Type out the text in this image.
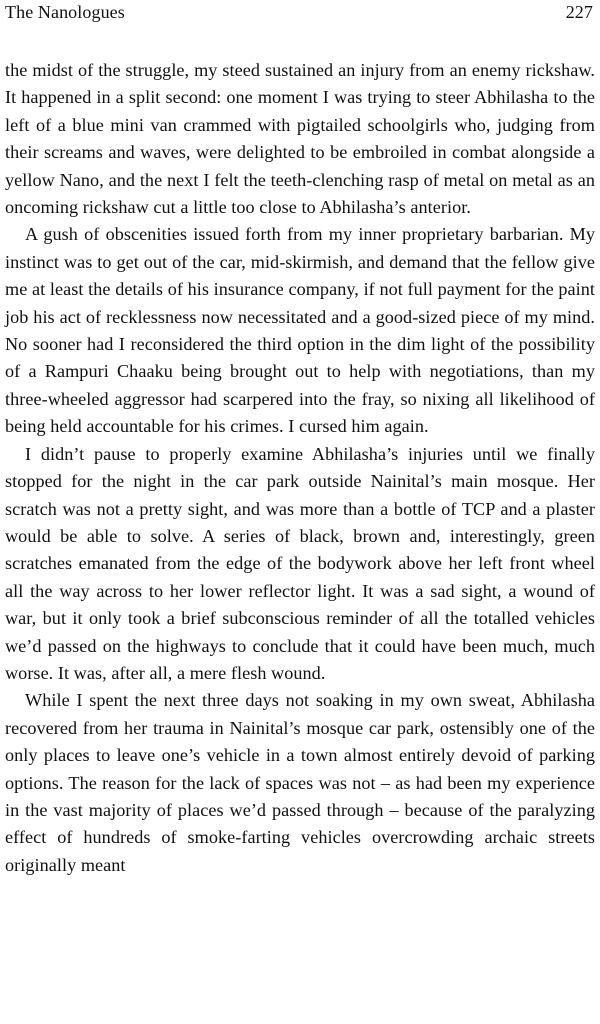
The Nanologues	227

the midst of the struggle, my steed sustained an injury from an enemy rickshaw. It happened in a split second: one moment I was trying to steer Abhilasha to the left of a blue mini van crammed with pigtailed schoolgirls who, judging from their screams and waves, were delighted to be embroiled in combat alongside a yellow Nano, and the next I felt the teeth-clenching rasp of metal on metal as an oncoming rickshaw cut a little too close to Abhilasha’s anterior.

A gush of obscenities issued forth from my inner proprietary barbarian. My instinct was to get out of the car, mid-skirmish, and demand that the fellow give me at least the details of his insurance company, if not full payment for the paint job his act of recklessness now necessitated and a good-sized piece of my mind. No sooner had I reconsidered the third option in the dim light of the possibility of a Rampuri Chaaku being brought out to help with negotiations, than my three-wheeled aggressor had scarpered into the fray, so nixing all likelihood of being held accountable for his crimes. I cursed him again.

I didn’t pause to properly examine Abhilasha’s injuries until we finally stopped for the night in the car park outside Nainital’s main mosque. Her scratch was not a pretty sight, and was more than a bottle of TCP and a plaster would be able to solve. A series of black, brown and, interestingly, green scratches emanated from the edge of the bodywork above her left front wheel all the way across to her lower reflector light. It was a sad sight, a wound of war, but it only took a brief subconscious reminder of all the totalled vehicles we’d passed on the highways to conclude that it could have been much, much worse. It was, after all, a mere flesh wound.

While I spent the next three days not soaking in my own sweat, Abhilasha recovered from her trauma in Nainital’s mosque car park, ostensibly one of the only places to leave one’s vehicle in a town almost entirely devoid of parking options. The reason for the lack of spaces was not – as had been my experience in the vast majority of places we’d passed through – because of the paralyzing effect of hundreds of smoke-farting vehicles overcrowding archaic streets originally meant
